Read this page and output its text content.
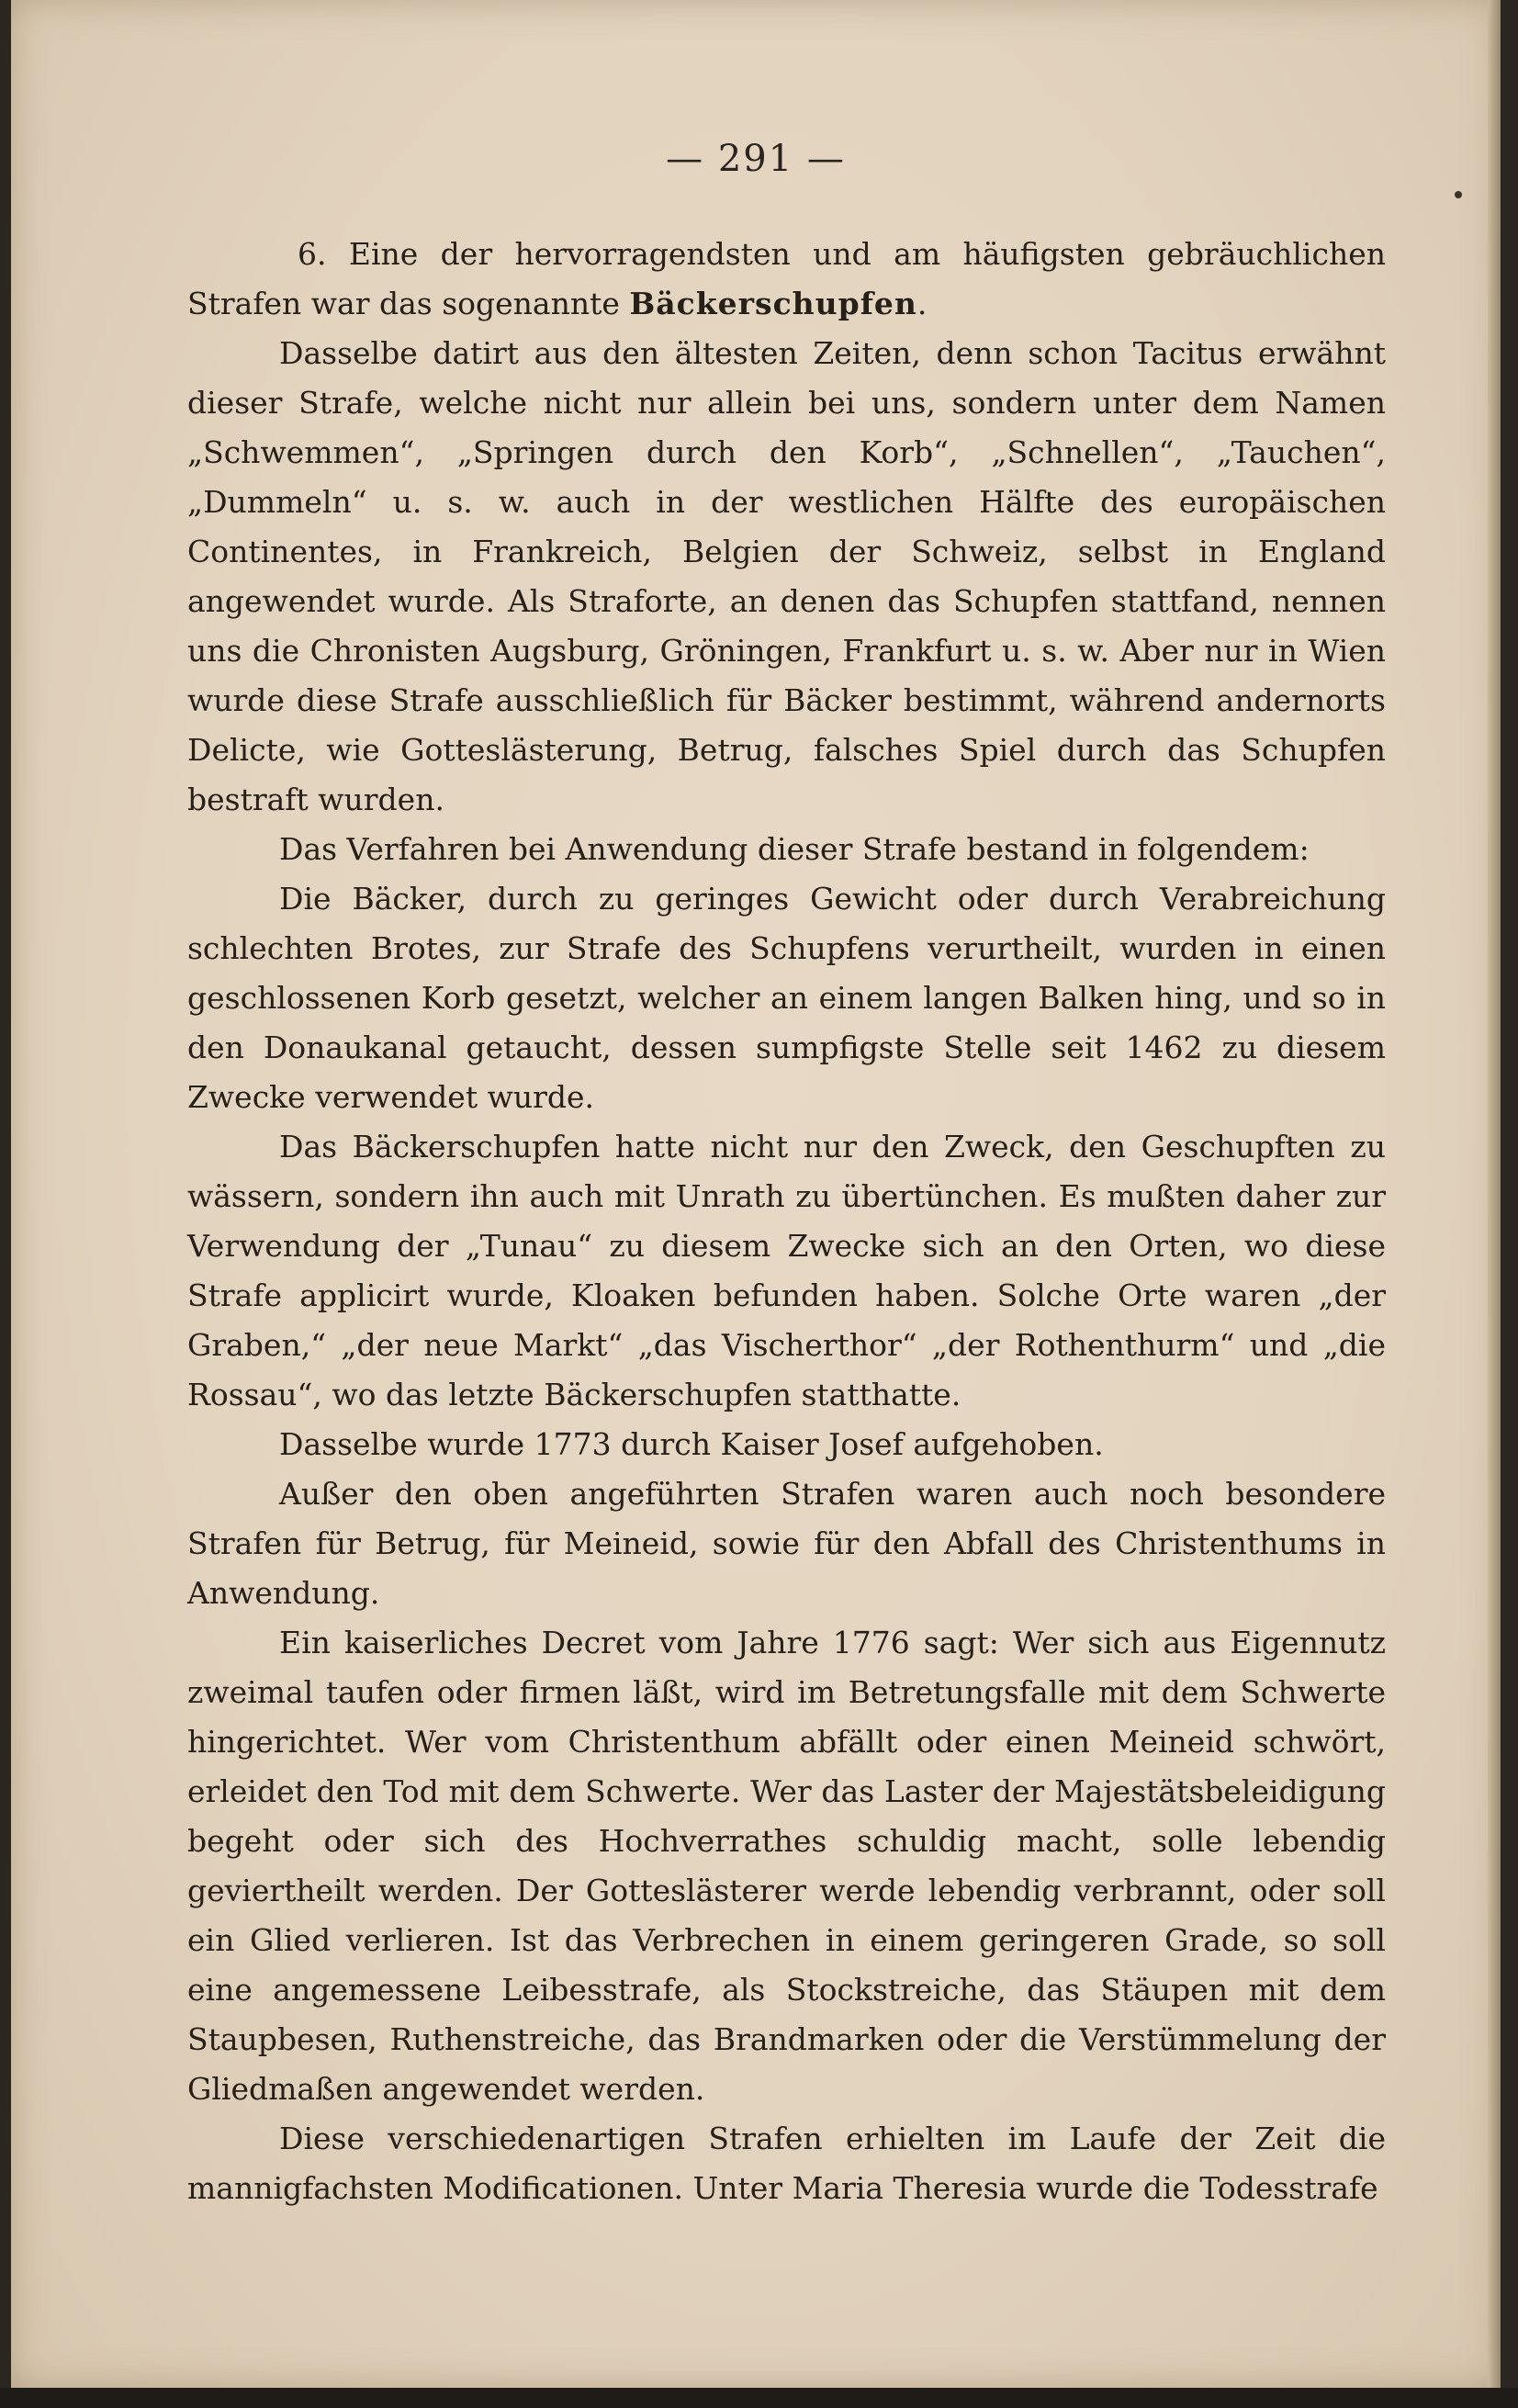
— 291 —

6. Eine der hervorragendsten und am häufigsten gebräuchlichen Strafen war das sogenannte Bäckerschupfen.

Dasselbe datirt aus den ältesten Zeiten, denn schon Tacitus erwähnt dieser Strafe, welche nicht nur allein bei uns, sondern unter dem Namen „Schwemmen“, „Springen durch den Korb“, „Schnellen“, „Tauchen“, „Dummeln“ u. s. w. auch in der westlichen Hälfte des europäischen Continentes, in Frankreich, Belgien der Schweiz, selbst in England angewendet wurde. Als Straforte, an denen das Schupfen stattfand, nennen uns die Chronisten Augsburg, Gröningen, Frankfurt u. s. w. Aber nur in Wien wurde diese Strafe ausschließlich für Bäcker bestimmt, während andernorts Delicte, wie Gotteslästerung, Betrug, falsches Spiel durch das Schupfen bestraft wurden.

Das Verfahren bei Anwendung dieser Strafe bestand in folgendem:

Die Bäcker, durch zu geringes Gewicht oder durch Verabreichung schlechten Brotes, zur Strafe des Schupfens verurtheilt, wurden in einen geschlossenen Korb gesetzt, welcher an einem langen Balken hing, und so in den Donaukanal getaucht, dessen sumpfigste Stelle seit 1462 zu diesem Zwecke verwendet wurde.

Das Bäckerschupfen hatte nicht nur den Zweck, den Geschupften zu wässern, sondern ihn auch mit Unrath zu übertünchen. Es mußten daher zur Verwendung der „Tunau“ zu diesem Zwecke sich an den Orten, wo diese Strafe applicirt wurde, Kloaken befunden haben. Solche Orte waren „der Graben,“ „der neue Markt“ „das Vischerthor“ „der Rothenthurm“ und „die Rossau“, wo das letzte Bäckerschupfen statthatte.

Dasselbe wurde 1773 durch Kaiser Josef aufgehoben.

Außer den oben angeführten Strafen waren auch noch besondere Strafen für Betrug, für Meineid, sowie für den Abfall des Christenthums in Anwendung.

Ein kaiserliches Decret vom Jahre 1776 sagt: Wer sich aus Eigennutz zweimal taufen oder firmen läßt, wird im Betretungsfalle mit dem Schwerte hingerichtet. Wer vom Christenthum abfällt oder einen Meineid schwört, erleidet den Tod mit dem Schwerte. Wer das Laster der Majestätsbeleidigung begeht oder sich des Hochverrathes schuldig macht, solle lebendig geviertheilt werden. Der Gotteslästerer werde lebendig verbrannt, oder soll ein Glied verlieren. Ist das Verbrechen in einem geringeren Grade, so soll eine angemessene Leibesstrafe, als Stockstreiche, das Stäupen mit dem Staupbesen, Ruthenstreiche, das Brandmarken oder die Verstümmelung der Gliedmaßen angewendet werden.

Diese verschiedenartigen Strafen erhielten im Laufe der Zeit die mannigfachsten Modificationen. Unter Maria Theresia wurde die Todesstrafe
